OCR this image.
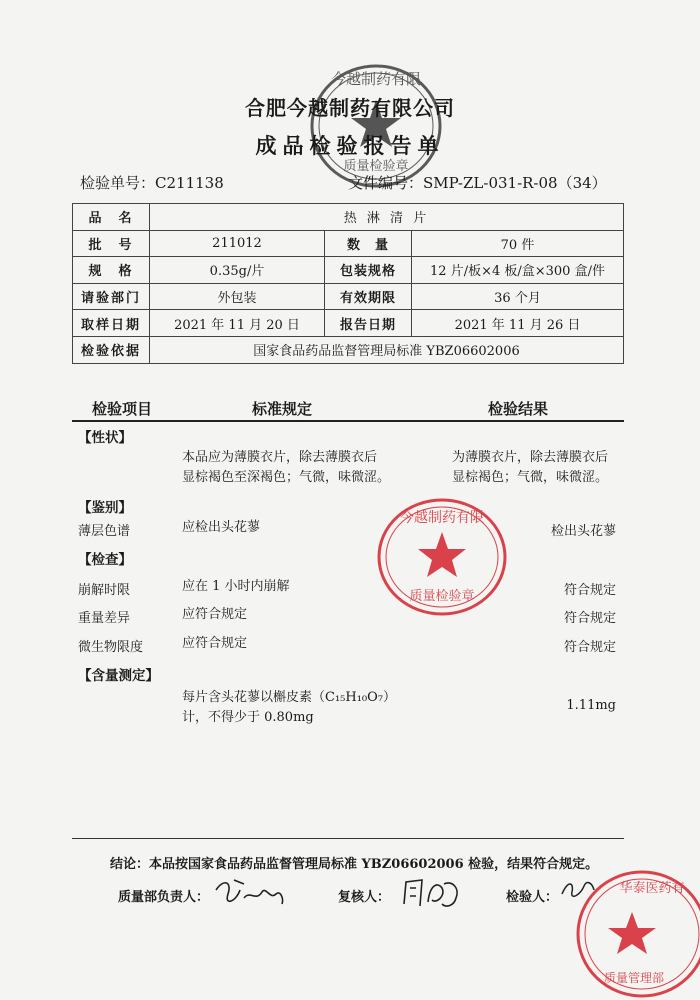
今越制药有限
质量检验章
合肥今越制药有限公司
成品检验报告单
检验单号：C211138	文件编号：SMP-ZL-031-R-08（34）
品　名	热 淋 清 片		
批　号	211012	数　量	70 件
规　格	0.35g/片	包装规格	12 片/板×4 板/盒×300 盒/件
请验部门	外包装	有效期限	36 个月
取样日期	2021 年 11 月 20 日	报告日期	2021 年 11 月 26 日
检验依据	国家食品药品监督管理局标准 YBZ06602006		
检验项目	标准规定	检验结果
【性状】
本品应为薄膜衣片，除去薄膜衣后
显棕褐色至深褐色；气微，味微涩。
为薄膜衣片，除去薄膜衣后
显棕褐色；气微，味微涩。
【鉴别】
薄层色谱	应检出头花蓼	检出头花蓼
【检查】
崩解时限	应在 1 小时内崩解	符合规定
重量差异	应符合规定	符合规定
微生物限度	应符合规定	符合规定
【含量测定】
每片含头花蓼以槲皮素（C₁₅H₁₀O₇）
计，不得少于 0.80mg
1.11mg
今越制药有限
质量检验章
结论：本品按国家食品药品监督管理局标准 YBZ06602006 检验，结果符合规定。
质量部负责人：	复核人：	检验人：
华泰医药有
质量管理部
